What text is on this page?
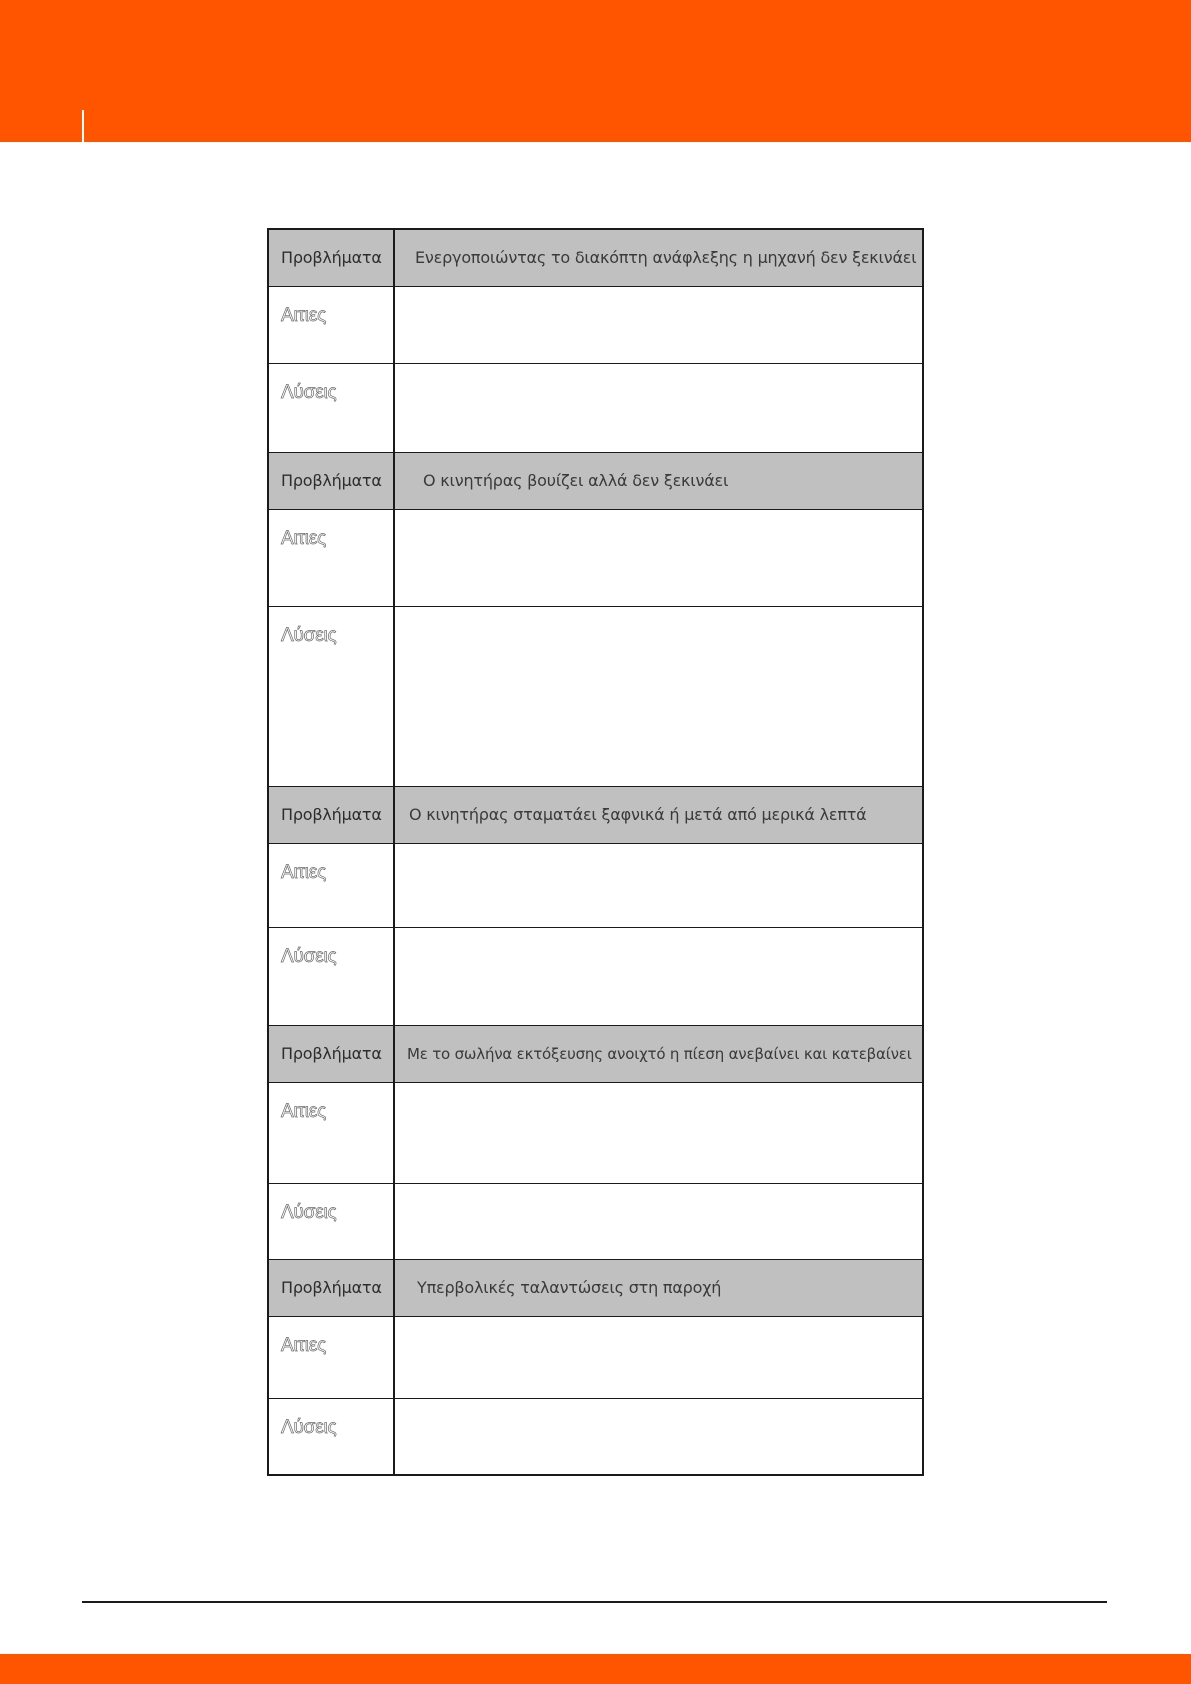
Προβλήματα	Ενεργοποιώντας το διακόπτη ανάφλεξης η μηχανή δεν ξεκινάει
Αιτιες	
Λύσεις	
Προβλήματα	Ο κινητήρας βουίζει αλλά δεν ξεκινάει
Αιτιες	
Λύσεις	
Προβλήματα	Ο κινητήρας σταματάει ξαφνικά ή μετά από μερικά λεπτά
Αιτιες	
Λύσεις	
Προβλήματα	Με το σωλήνα εκτόξευσης ανοιχτό η πίεση ανεβαίνει και κατεβαίνει
Αιτιες	
Λύσεις	
Προβλήματα	Υπερβολικές ταλαντώσεις στη παροχή
Αιτιες	
Λύσεις	
